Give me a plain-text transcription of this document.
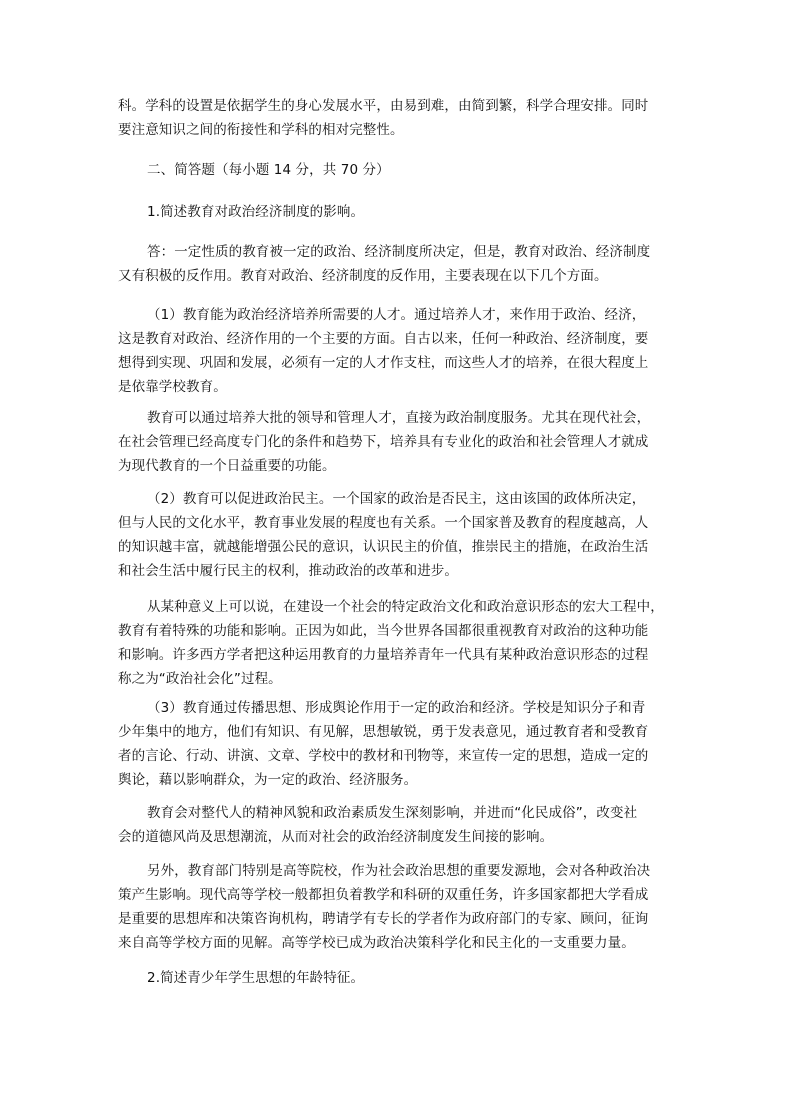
科。学科的设置是依据学生的身心发展水平，由易到难，由简到繁，科学合理安排。同时
要注意知识之间的衔接性和学科的相对完整性。
二、简答题（每小题 14 分，共 70 分）
1.简述教育对政治经济制度的影响。
答：一定性质的教育被一定的政治、经济制度所决定，但是，教育对政治、经济制度
又有积极的反作用。教育对政治、经济制度的反作用，主要表现在以下几个方面。
（1）教育能为政治经济培养所需要的人才。通过培养人才，来作用于政治、经济，
这是教育对政治、经济作用的一个主要的方面。自古以来，任何一种政治、经济制度，要
想得到实现、巩固和发展，必须有一定的人才作支柱，而这些人才的培养，在很大程度上
是依靠学校教育。
教育可以通过培养大批的领导和管理人才，直接为政治制度服务。尤其在现代社会，
在社会管理已经高度专门化的条件和趋势下，培养具有专业化的政治和社会管理人才就成
为现代教育的一个日益重要的功能。
（2）教育可以促进政治民主。一个国家的政治是否民主，这由该国的政体所决定，
但与人民的文化水平，教育事业发展的程度也有关系。一个国家普及教育的程度越高，人
的知识越丰富，就越能增强公民的意识，认识民主的价值，推崇民主的措施，在政治生活
和社会生活中履行民主的权利，推动政治的改革和进步。
从某种意义上可以说，在建设一个社会的特定政治文化和政治意识形态的宏大工程中，
教育有着特殊的功能和影响。正因为如此，当今世界各国都很重视教育对政治的这种功能
和影响。许多西方学者把这种运用教育的力量培养青年一代具有某种政治意识形态的过程
称之为“政治社会化”过程。
（3）教育通过传播思想、形成舆论作用于一定的政治和经济。学校是知识分子和青
少年集中的地方，他们有知识、有见解，思想敏锐，勇于发表意见，通过教育者和受教育
者的言论、行动、讲演、文章、学校中的教材和刊物等，来宣传一定的思想，造成一定的
舆论，藉以影响群众，为一定的政治、经济服务。
教育会对整代人的精神风貌和政治素质发生深刻影响，并进而“化民成俗”，改变社
会的道德风尚及思想潮流，从而对社会的政治经济制度发生间接的影响。
另外，教育部门特别是高等院校，作为社会政治思想的重要发源地，会对各种政治决
策产生影响。现代高等学校一般都担负着教学和科研的双重任务，许多国家都把大学看成
是重要的思想库和决策咨询机构，聘请学有专长的学者作为政府部门的专家、顾问，征询
来自高等学校方面的见解。高等学校已成为政治决策科学化和民主化的一支重要力量。
2.简述青少年学生思想的年龄特征。
